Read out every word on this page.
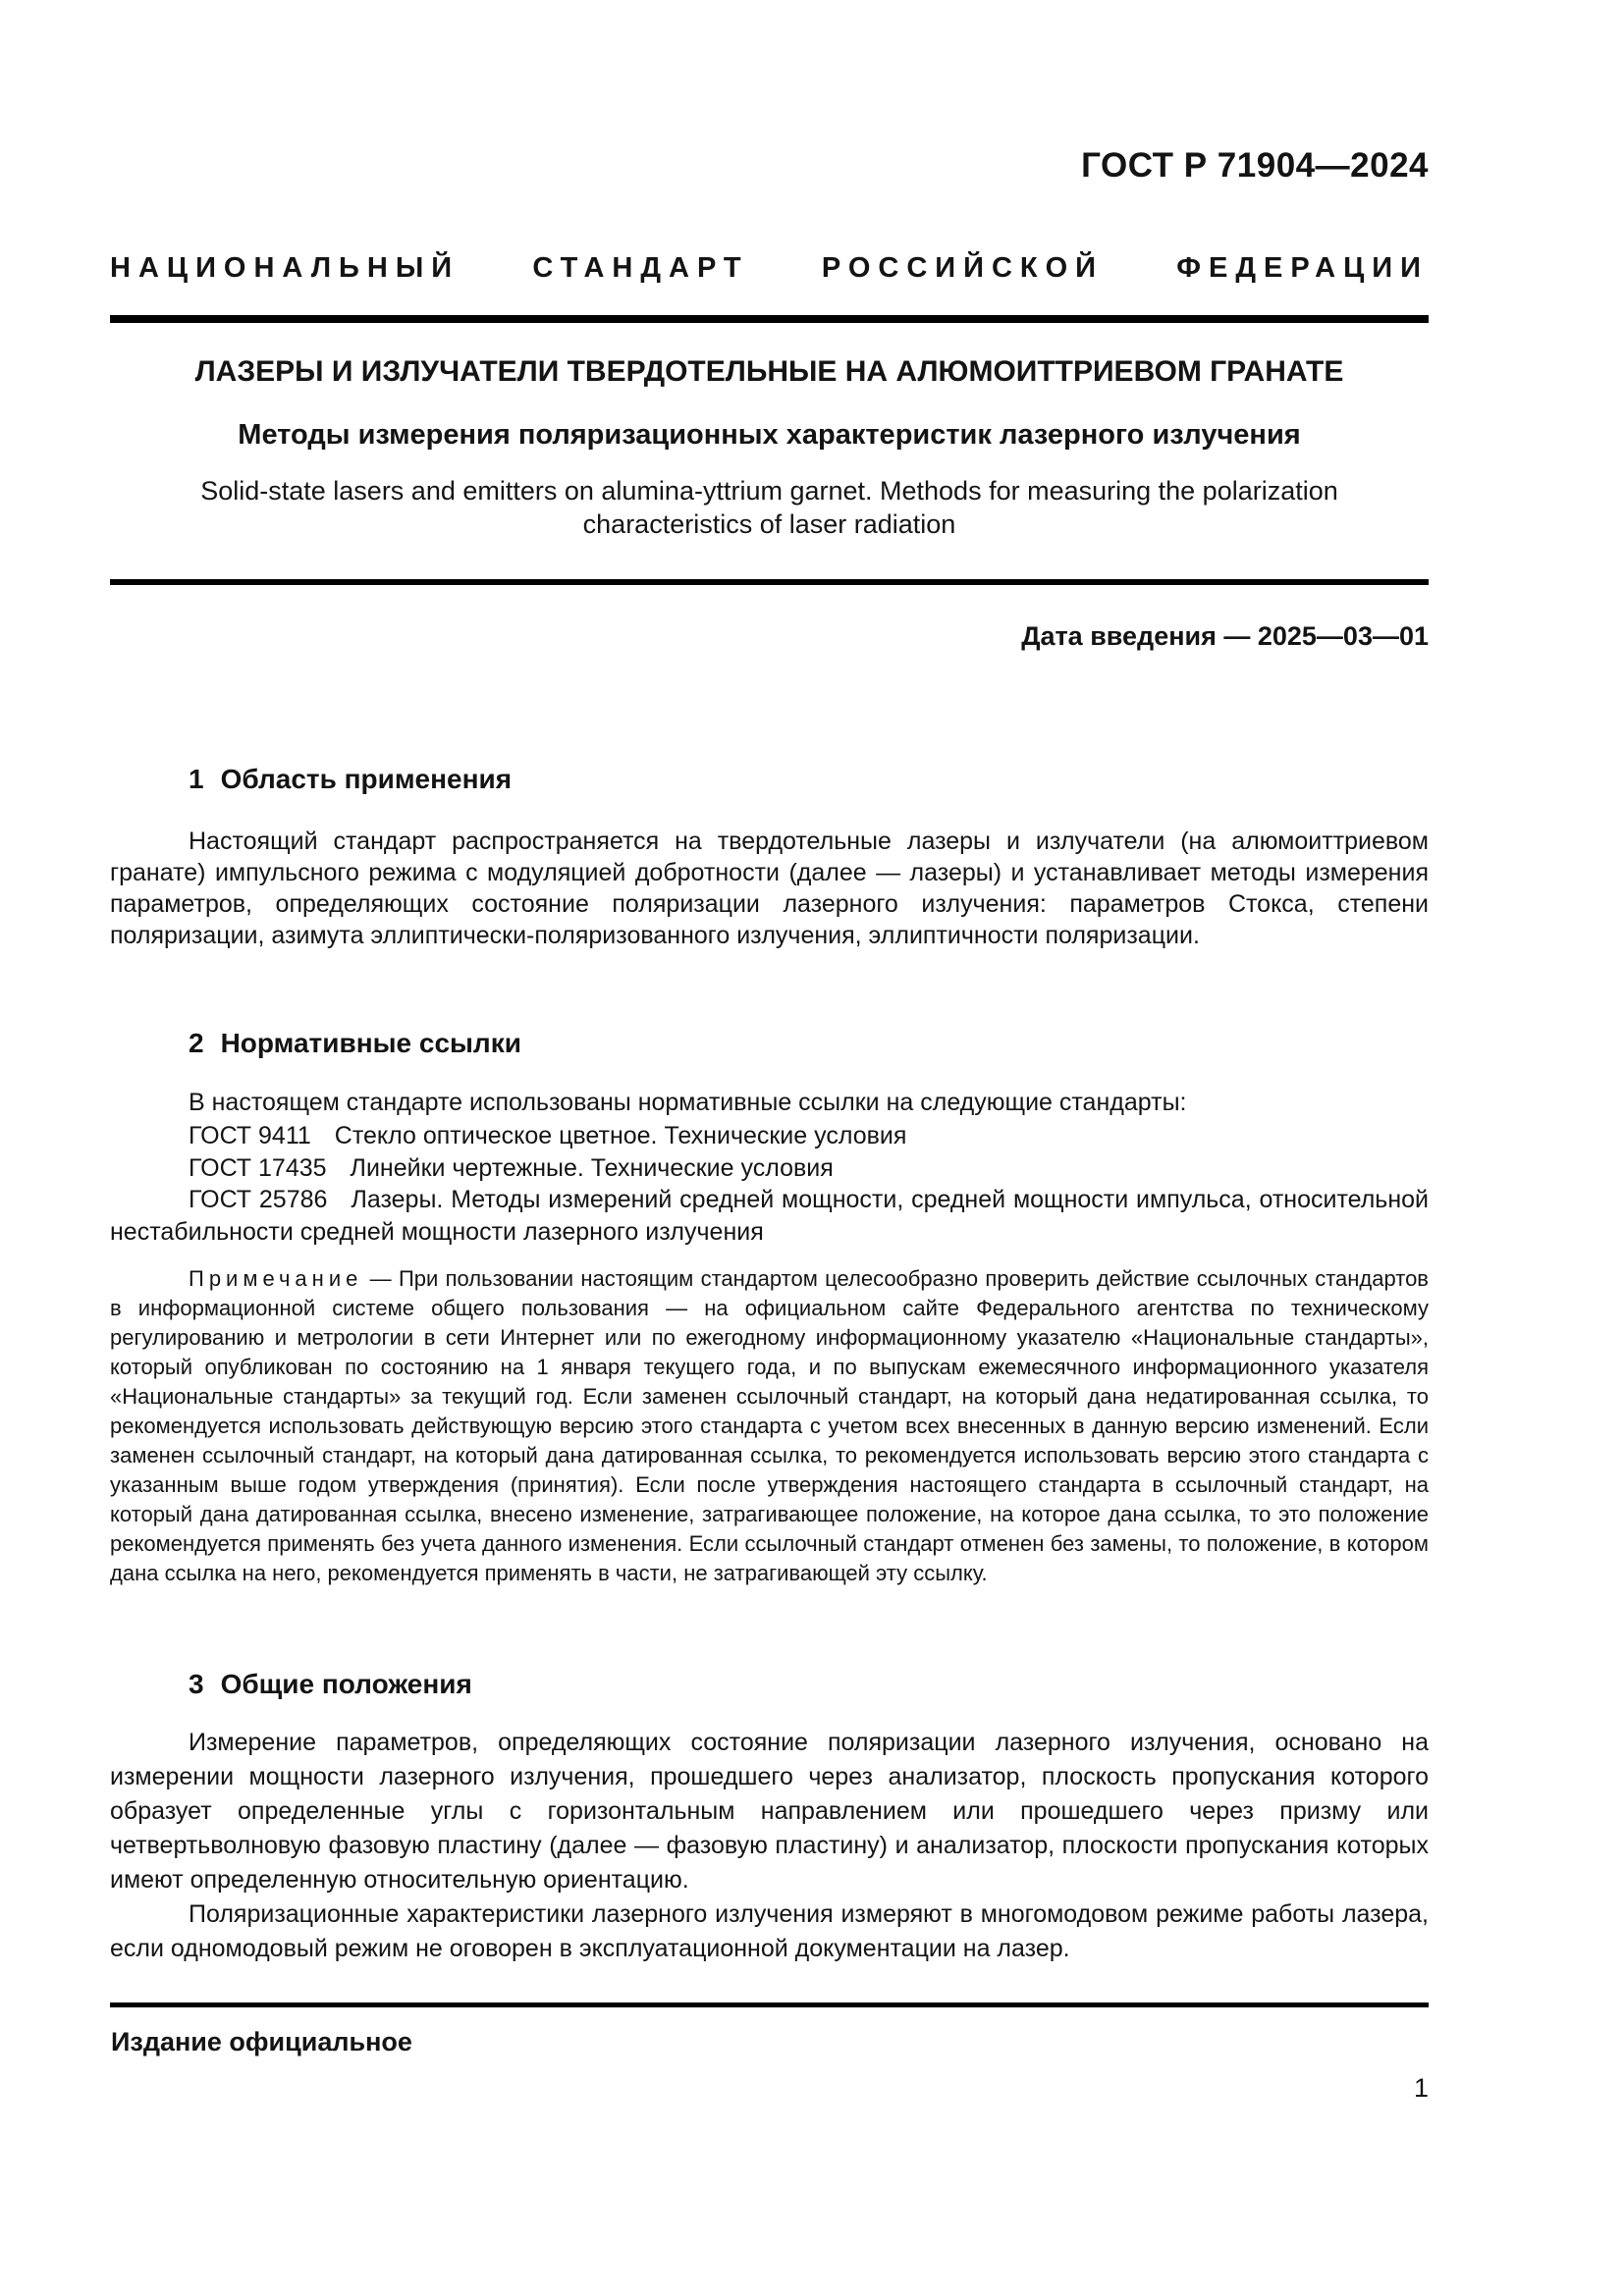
ГОСТ Р 71904—2024
НАЦИОНАЛЬНЫЙ СТАНДАРТ РОССИЙСКОЙ ФЕДЕРАЦИИ
ЛАЗЕРЫ И ИЗЛУЧАТЕЛИ ТВЕРДОТЕЛЬНЫЕ НА АЛЮМОИТТРИЕВОМ ГРАНАТЕ
Методы измерения поляризационных характеристик лазерного излучения
Solid-state lasers and emitters on alumina-yttrium garnet. Methods for measuring the polarization characteristics of laser radiation
Дата введения — 2025—03—01
1 Область применения
Настоящий стандарт распространяется на твердотельные лазеры и излучатели (на алюмоиттриевом гранате) импульсного режима с модуляцией добротности (далее — лазеры) и устанавливает методы измерения параметров, определяющих состояние поляризации лазерного излучения: параметров Стокса, степени поляризации, азимута эллиптически-поляризованного излучения, эллиптичности поляризации.
2 Нормативные ссылки
В настоящем стандарте использованы нормативные ссылки на следующие стандарты:
ГОСТ 9411 Стекло оптическое цветное. Технические условия
ГОСТ 17435 Линейки чертежные. Технические условия
ГОСТ 25786 Лазеры. Методы измерений средней мощности, средней мощности импульса, относительной нестабильности средней мощности лазерного излучения
Примечание — При пользовании настоящим стандартом целесообразно проверить действие ссылочных стандартов в информационной системе общего пользования — на официальном сайте Федерального агентства по техническому регулированию и метрологии в сети Интернет или по ежегодному информационному указателю «Национальные стандарты», который опубликован по состоянию на 1 января текущего года, и по выпускам ежемесячного информационного указателя «Национальные стандарты» за текущий год. Если заменен ссылочный стандарт, на который дана недатированная ссылка, то рекомендуется использовать действующую версию этого стандарта с учетом всех внесенных в данную версию изменений. Если заменен ссылочный стандарт, на который дана датированная ссылка, то рекомендуется использовать версию этого стандарта с указанным выше годом утверждения (принятия). Если после утверждения настоящего стандарта в ссылочный стандарт, на который дана датированная ссылка, внесено изменение, затрагивающее положение, на которое дана ссылка, то это положение рекомендуется применять без учета данного изменения. Если ссылочный стандарт отменен без замены, то положение, в котором дана ссылка на него, рекомендуется применять в части, не затрагивающей эту ссылку.
3 Общие положения
Измерение параметров, определяющих состояние поляризации лазерного излучения, основано на измерении мощности лазерного излучения, прошедшего через анализатор, плоскость пропускания которого образует определенные углы с горизонтальным направлением или прошедшего через призму или четвертьволновую фазовую пластину (далее — фазовую пластину) и анализатор, плоскости пропускания которых имеют определенную относительную ориентацию.
Поляризационные характеристики лазерного излучения измеряют в многомодовом режиме работы лазера, если одномодовый режим не оговорен в эксплуатационной документации на лазер.
Издание официальное
1
